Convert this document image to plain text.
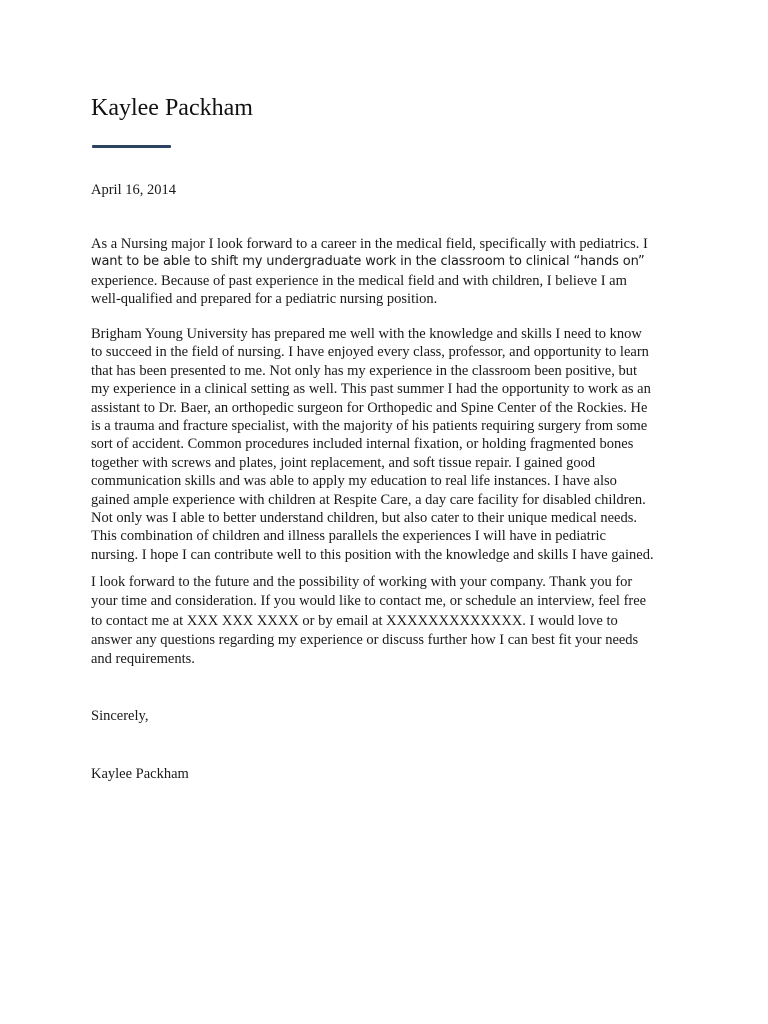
Kaylee Packham
April 16, 2014
As a Nursing major I look forward to a career in the medical field, specifically with pediatrics. I
want to be able to shift my undergraduate work in the classroom to clinical “hands on”
experience. Because of past experience in the medical field and with children, I believe I am
well-qualified and prepared for a pediatric nursing position.
Brigham Young University has prepared me well with the knowledge and skills I need to know
to succeed in the field of nursing. I have enjoyed every class, professor, and opportunity to learn
that has been presented to me. Not only has my experience in the classroom been positive, but
my experience in a clinical setting as well. This past summer I had the opportunity to work as an
assistant to Dr. Baer, an orthopedic surgeon for Orthopedic and Spine Center of the Rockies. He
is a trauma and fracture specialist, with the majority of his patients requiring surgery from some
sort of accident. Common procedures included internal fixation, or holding fragmented bones
together with screws and plates, joint replacement, and soft tissue repair. I gained good
communication skills and was able to apply my education to real life instances. I have also
gained ample experience with children at Respite Care, a day care facility for disabled children.
Not only was I able to better understand children, but also cater to their unique medical needs.
This combination of children and illness parallels the experiences I will have in pediatric
nursing. I hope I can contribute well to this position with the knowledge and skills I have gained.
I look forward to the future and the possibility of working with your company. Thank you for
your time and consideration. If you would like to contact me, or schedule an interview, feel free
to contact me at XXX XXX XXXX or by email at XXXXXXXXXXXXX. I would love to
answer any questions regarding my experience or discuss further how I can best fit your needs
and requirements.
Sincerely,
Kaylee Packham
